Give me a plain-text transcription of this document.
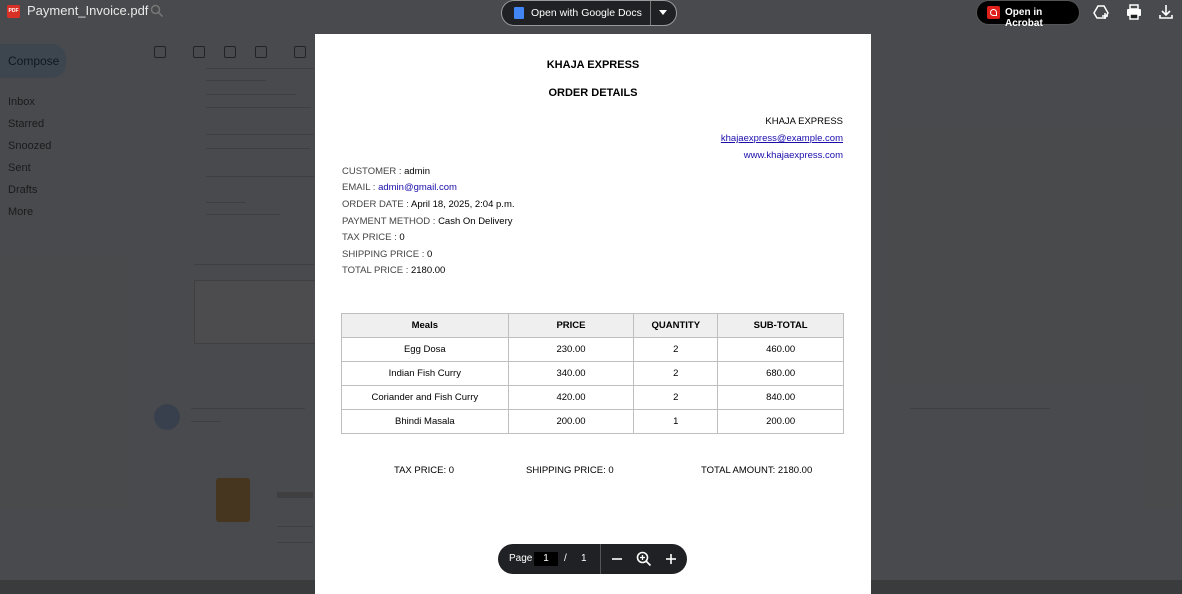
PDF Payment_Invoice.pdf	Open with Google Docs	Open in Acrobat
KHAJA EXPRESS
ORDER DETAILS
KHAJA EXPRESS
khajaexpress@example.com
www.khajaexpress.com
CUSTOMER : admin
EMAIL : admin@gmail.com
ORDER DATE : April 18, 2025, 2:04 p.m.
PAYMENT METHOD : Cash On Delivery
TAX PRICE : 0
SHIPPING PRICE : 0
TOTAL PRICE : 2180.00
Meals	PRICE	QUANTITY	SUB-TOTAL
Egg Dosa	230.00	2	460.00
Indian Fish Curry	340.00	2	680.00
Coriander and Fish Curry	420.00	2	840.00
Bhindi Masala	200.00	1	200.00
TAX PRICE: 0	SHIPPING PRICE: 0	TOTAL AMOUNT: 2180.00
Page	1	/ 1
